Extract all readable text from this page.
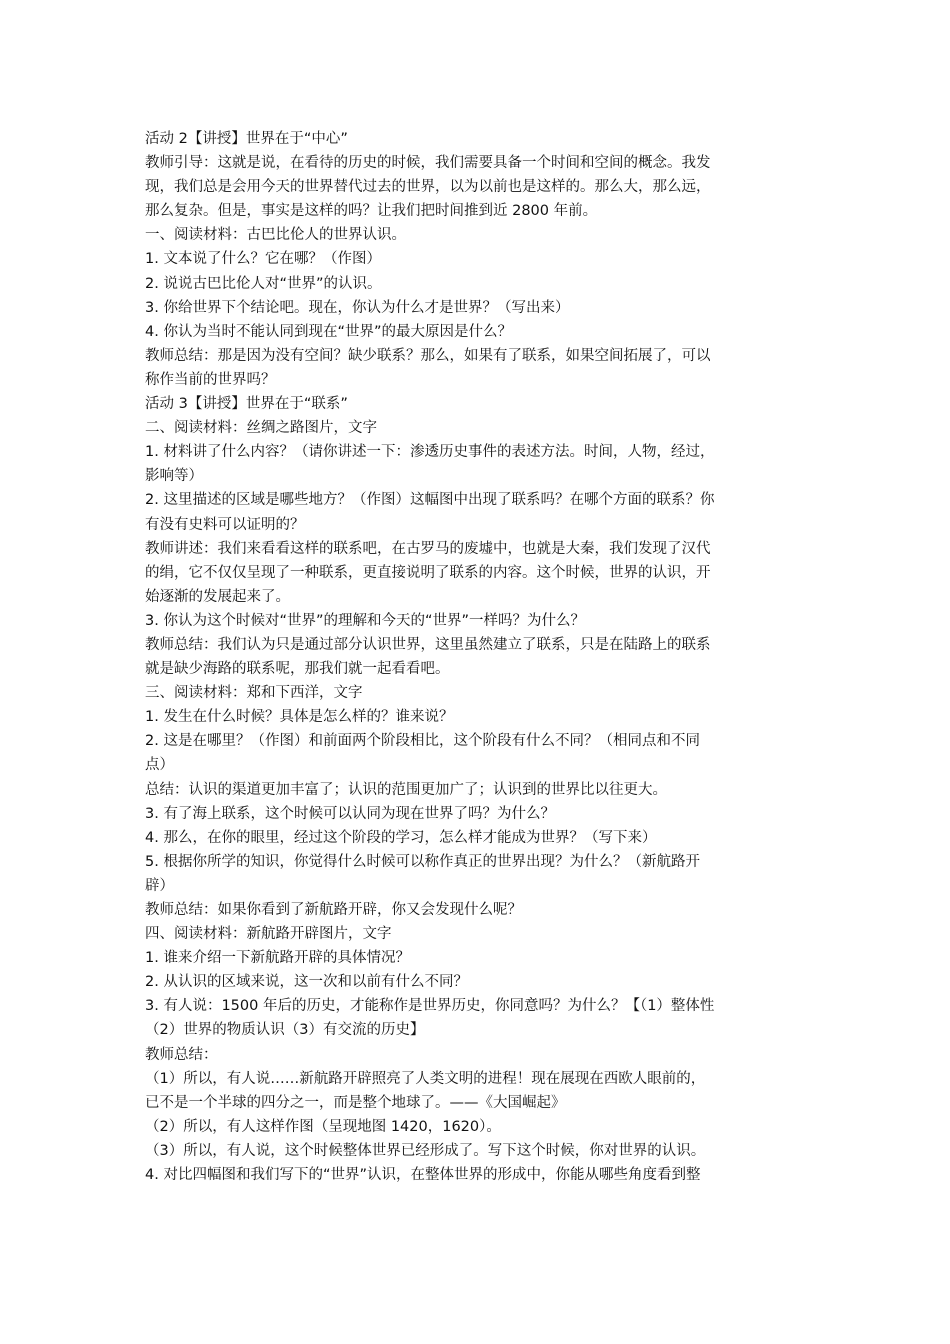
活动 2【讲授】世界在于“中心”
教师引导：这就是说，在看待的历史的时候，我们需要具备一个时间和空间的概念。我发
现，我们总是会用今天的世界替代过去的世界，以为以前也是这样的。那么大，那么远，
那么复杂。但是，事实是这样的吗？让我们把时间推到近 2800 年前。
一、阅读材料：古巴比伦人的世界认识。
1. 文本说了什么？它在哪？（作图）
2. 说说古巴比伦人对“世界”的认识。
3. 你给世界下个结论吧。现在，你认为什么才是世界？（写出来）
4. 你认为当时不能认同到现在“世界”的最大原因是什么？
教师总结：那是因为没有空间？缺少联系？那么，如果有了联系，如果空间拓展了，可以
称作当前的世界吗？
活动 3【讲授】世界在于“联系”
二、阅读材料：丝绸之路图片，文字
1. 材料讲了什么内容？（请你讲述一下：渗透历史事件的表述方法。时间，人物，经过，
影响等）
2. 这里描述的区域是哪些地方？（作图）这幅图中出现了联系吗？在哪个方面的联系？你
有没有史料可以证明的？
教师讲述：我们来看看这样的联系吧，在古罗马的废墟中，也就是大秦，我们发现了汉代
的绢，它不仅仅呈现了一种联系，更直接说明了联系的内容。这个时候，世界的认识，开
始逐渐的发展起来了。
3. 你认为这个时候对“世界”的理解和今天的“世界”一样吗？为什么？
教师总结：我们认为只是通过部分认识世界，这里虽然建立了联系，只是在陆路上的联系
就是缺少海路的联系呢，那我们就一起看看吧。
三、阅读材料：郑和下西洋，文字
1. 发生在什么时候？具体是怎么样的？谁来说？
2. 这是在哪里？（作图）和前面两个阶段相比，这个阶段有什么不同？（相同点和不同
点）
总结：认识的渠道更加丰富了；认识的范围更加广了；认识到的世界比以往更大。
3. 有了海上联系，这个时候可以认同为现在世界了吗？为什么？
4. 那么，在你的眼里，经过这个阶段的学习，怎么样才能成为世界？（写下来）
5. 根据你所学的知识，你觉得什么时候可以称作真正的世界出现？为什么？（新航路开
辟）
教师总结：如果你看到了新航路开辟，你又会发现什么呢？
四、阅读材料：新航路开辟图片，文字
1. 谁来介绍一下新航路开辟的具体情况？
2. 从认识的区域来说，这一次和以前有什么不同？
3. 有人说：1500 年后的历史，才能称作是世界历史，你同意吗？为什么？【（1）整体性
（2）世界的物质认识（3）有交流的历史】
教师总结：
（1）所以，有人说……新航路开辟照亮了人类文明的进程！现在展现在西欧人眼前的，
已不是一个半球的四分之一，而是整个地球了。——《大国崛起》
（2）所以，有人这样作图（呈现地图 1420，1620）。
（3）所以，有人说，这个时候整体世界已经形成了。写下这个时候，你对世界的认识。
4. 对比四幅图和我们写下的“世界”认识，在整体世界的形成中，你能从哪些角度看到整
